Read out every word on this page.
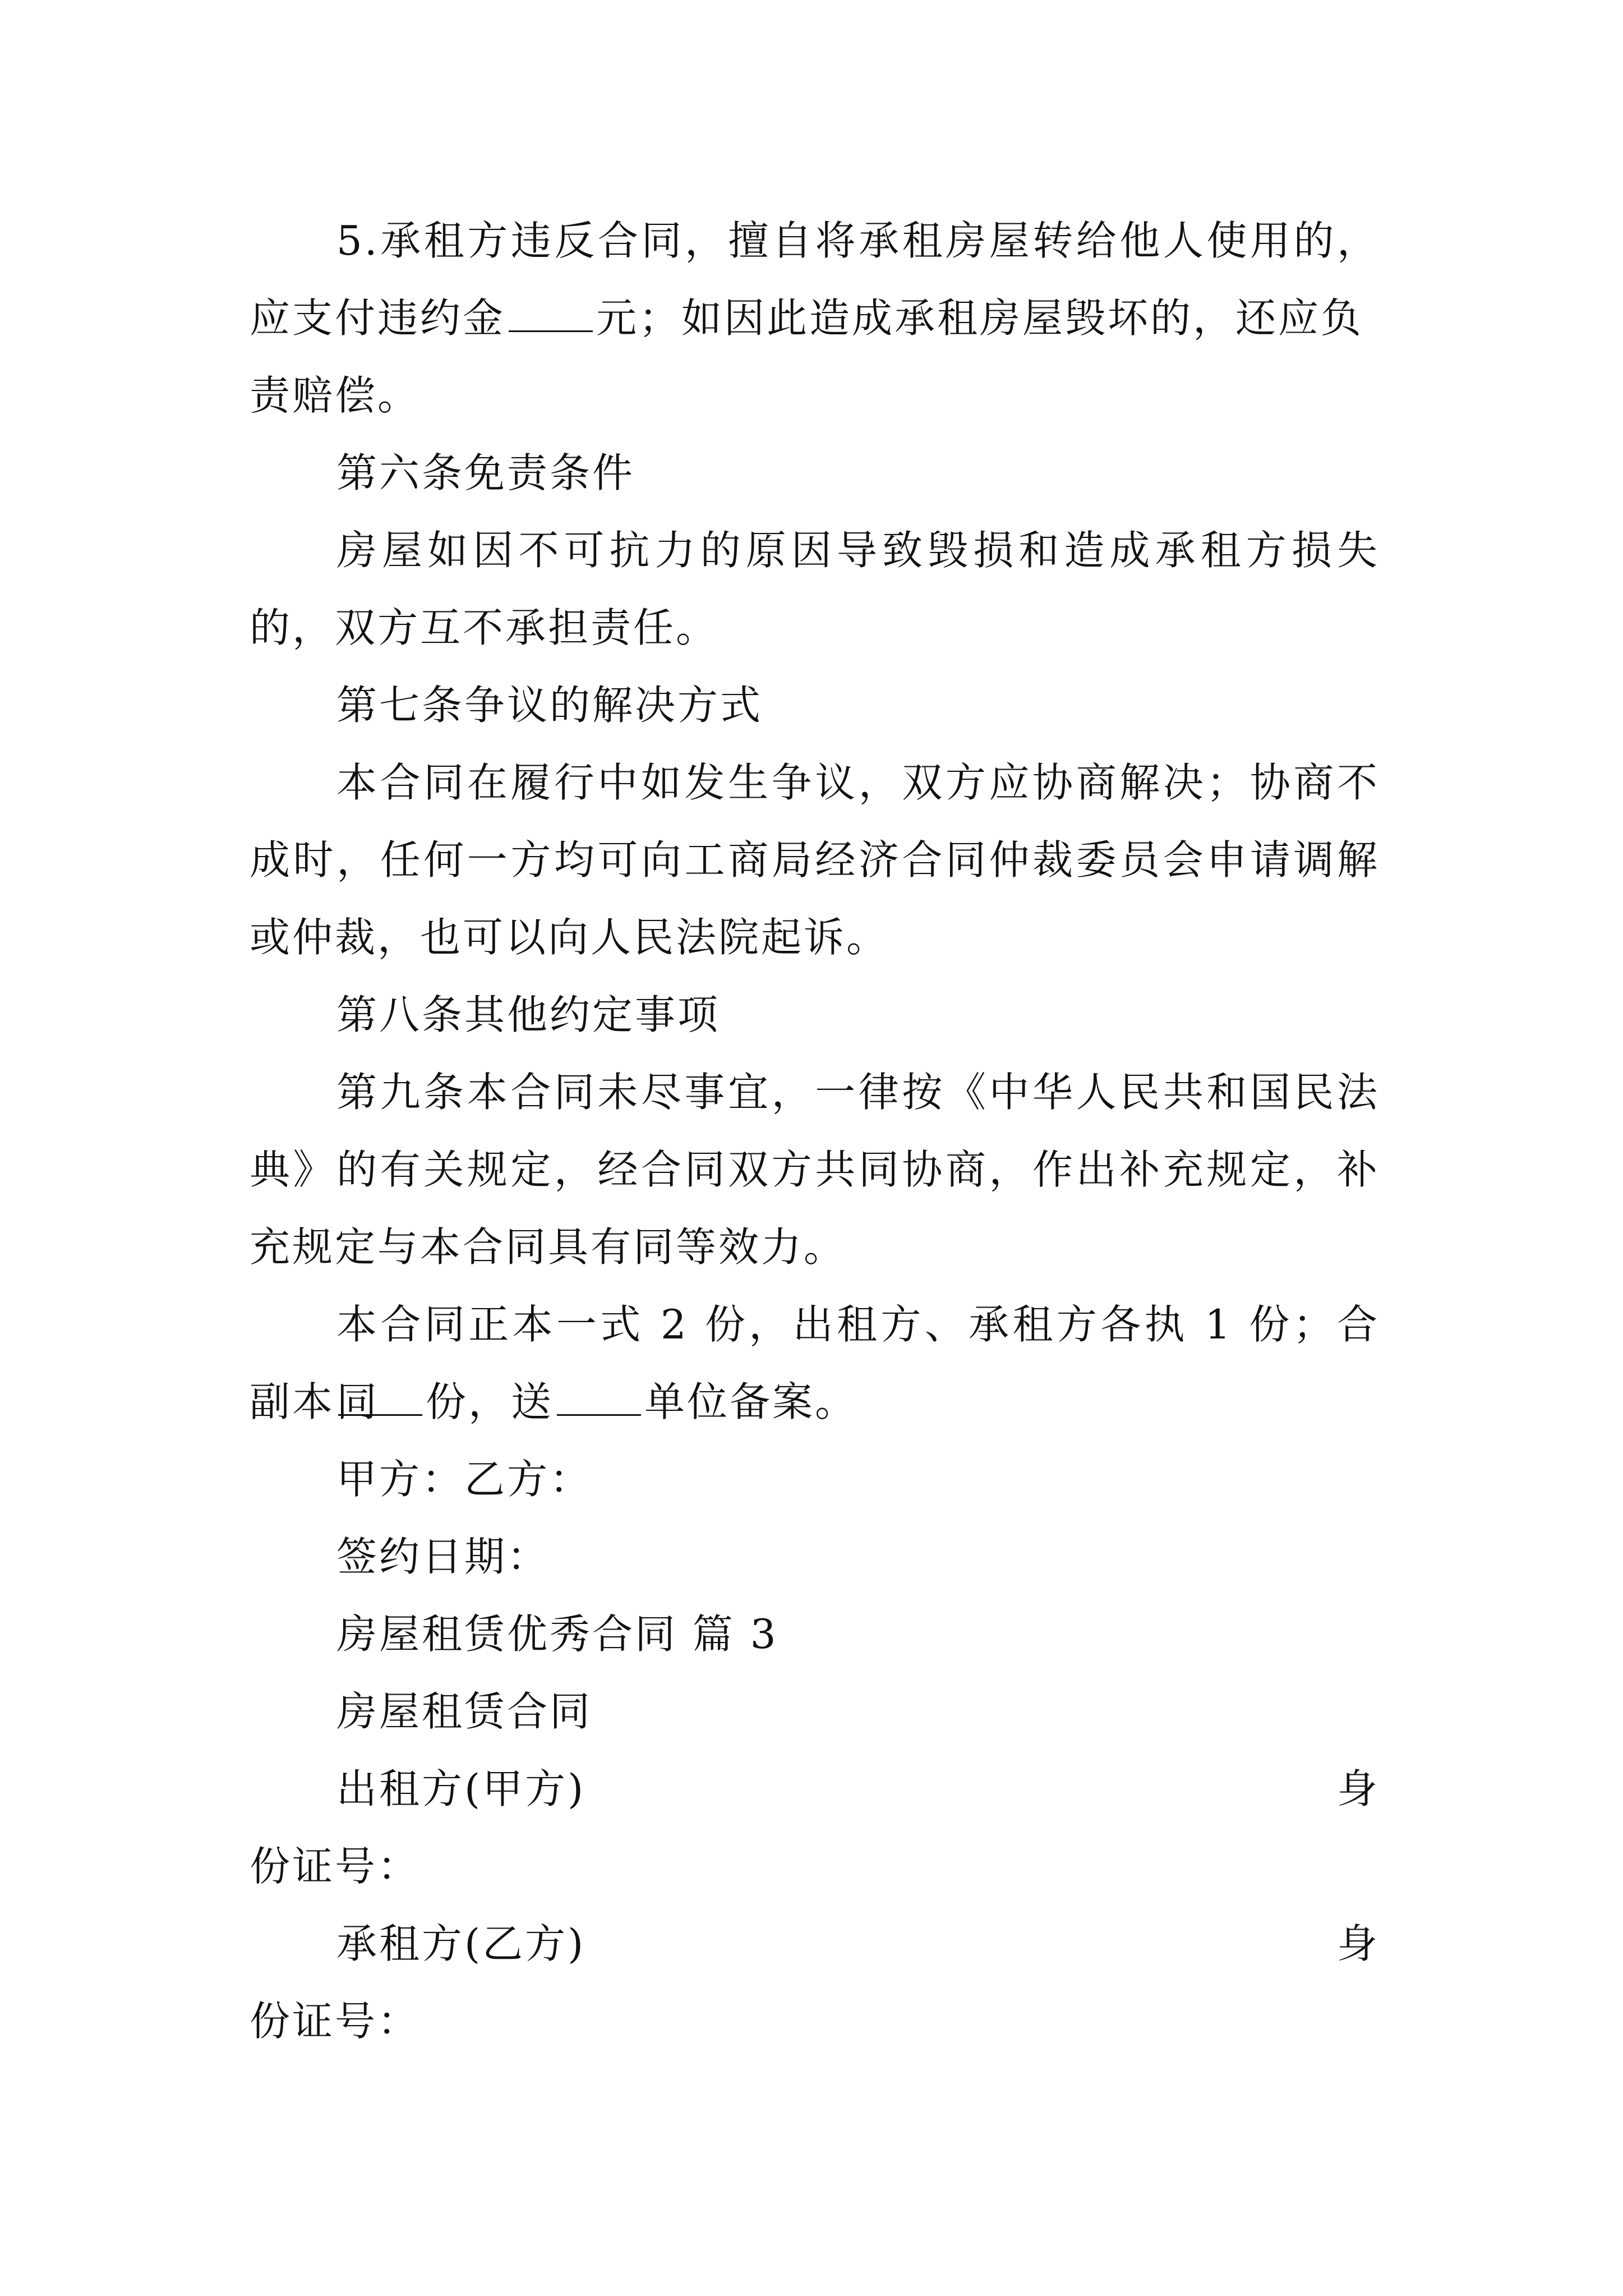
5.承租方违反合同，擅自将承租房屋转给他人使用的，
应支付违约金 元；如因此造成承租房屋毁坏的，还应负
责赔偿。
第六条免责条件
房屋如因不可抗力的原因导致毁损和造成承租方损失
的，双方互不承担责任。
第七条争议的解决方式
本合同在履行中如发生争议，双方应协商解决；协商不
成时，任何一方均可向工商局经济合同仲裁委员会申请调解
或仲裁，也可以向人民法院起诉。
第八条其他约定事项
第九条本合同未尽事宜，一律按《中华人民共和国民法
典》的有关规定，经合同双方共同协商，作出补充规定，补
充规定与本合同具有同等效力。
本合同正本一式 2 份，出租方、承租方各执 1 份；合同
副本 份，送 单位备案。
甲方：乙方：
签约日期：
房屋租赁优秀合同 篇 3
房屋租赁合同
出租方(甲方)	身
份证号：
承租方(乙方)	身
份证号：
